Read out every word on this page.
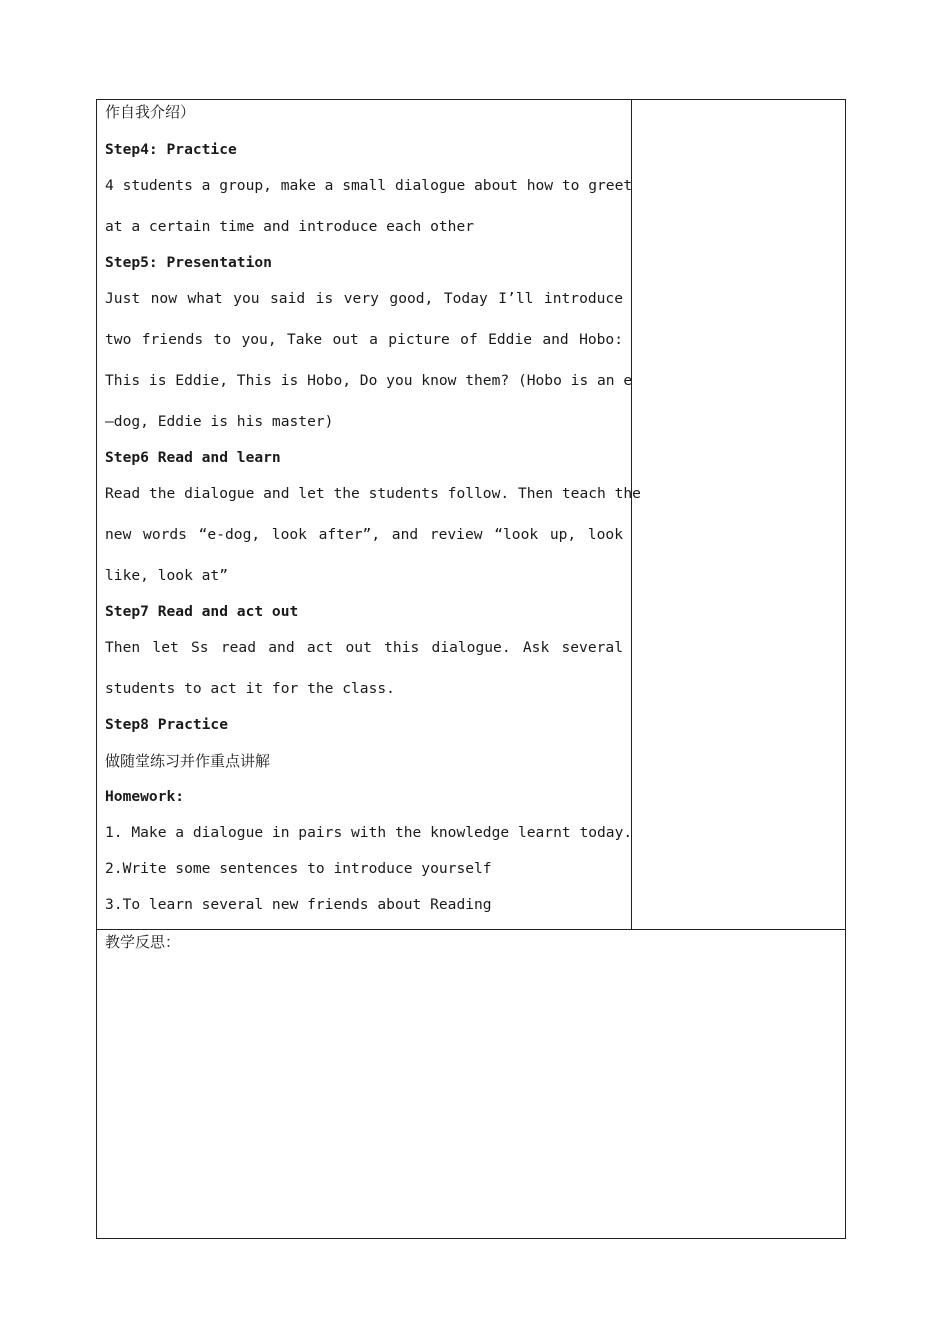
作自我介绍）
Step4: Practice
4 students a group, make a small dialogue about how to greet
at a certain time and introduce each other
Step5: Presentation
Just now what you said is very good, Today I’ll introduce
two friends to you, Take out a picture of Eddie and Hobo:
This is Eddie, This is Hobo, Do you know them? (Hobo is an e
—dog, Eddie is his master)
Step6 Read and learn
Read the dialogue and let the students follow. Then teach the
new words “e-dog, look after”, and review “look up, look
like, look at”
Step7 Read and act out
Then let Ss read and act out this dialogue. Ask several
students to act it for the class.
Step8 Practice
做随堂练习并作重点讲解
Homework:
1. Make a dialogue in pairs with the knowledge learnt today.
2.Write some sentences to introduce yourself
3.To learn several new friends about Reading
教学反思：
